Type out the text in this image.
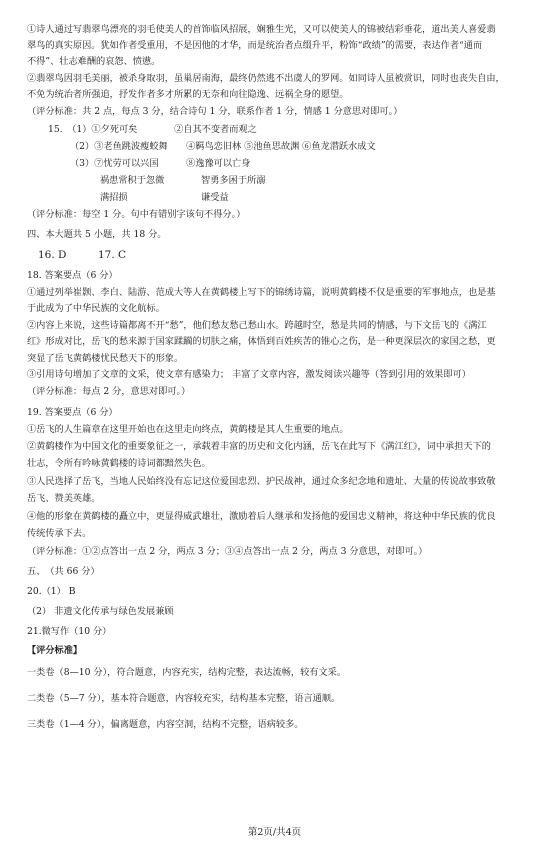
①诗人通过写翡翠鸟漂亮的羽毛使美人的首饰临风招展，娴雅生光，又可以使美人的锦被结彩垂花，道出美人喜爱翡
翠鸟的真实原因。犹如作者受重用，不是因他的才华，而是统治者点缀升平，粉饰“政绩”的需要，表达作者“通而
不得”、壮志难酬的哀怨、愤懑。
②翡翠鸟因羽毛美丽，被杀身取羽，虽巢居南海，最终仍然逃不出虞人的罗网。如同诗人虽被赏识，同时也丧失自由，
不免为统治者所强追，抒发作者多才所累的无奈和向往隐逸、远祸全身的愿望。
（评分标准：共 2 点，每点 3 分，结合诗句 1 分，联系作者 1 分，情感 1 分意思对即可。）
15.　（1）①夕死可矣　　　　②自其不变者而观之
（2）③老鱼跳波瘦蛟舞　　④羁鸟恋旧林 ⑤池鱼思故渊 ⑥鱼龙潜跃水成文
（3）⑦忧劳可以兴国　　　⑧逸豫可以亡身
祸患常积于忽微　　　　智勇多困于所溺
满招损　　　　　　　　谦受益
（评分标准：每空 1 分。句中有错别字该句不得分。）
四、本大题共 5 小题，共 18 分。
16. D　　　17. C
18. 答案要点（6 分）
①通过列举崔颢、李白、陆游、范成大等人在黄鹤楼上写下的锦绣诗篇，说明黄鹤楼不仅是重要的军事地点，也是基
于此成为了中华民族的文化航标。
②内容上来说，这些诗篇都离不开“愁”，他们愁友愁己愁山水。跨越时空，愁是共同的情感，与下文岳飞的《满江
红》形成对比，岳飞的愁来源于国家蹂躏的切肤之痛，体悟到百姓疾苦的锥心之伤，是一种更深层次的家国之愁，更
突显了岳飞黄鹤楼忧民愁天下的形象。
③引用诗句增加了文章的文采，使文章有感染力； 丰富了文章内容，激发阅读兴趣等（答到引用的效果即可）
（评分标准：每点 2 分，意思对即可。）
19. 答案要点（6 分）
①岳飞的人生篇章在这里开始也在这里走向终点，黄鹤楼是其人生重要的地点。
②黄鹤楼作为中国文化的重要象征之一，承载着丰富的历史和文化内涵，岳飞在此写下《满江红》，词中承担天下的
壮志，令所有吟咏黄鹤楼的诗词都黯然失色。
③人民选择了岳飞，当地人民始终没有忘记这位爱国忠烈、护民战神，通过众多纪念地和遗址、大量的传说故事致敬
岳飞、赞美英雄。
④他的形象在黄鹤楼的矗立中，更显得威武雄壮，激励着后人继承和发扬他的爱国忠义精神，将这种中华民族的优良
传统传承下去。
（评分标准：①②点答出一点 2 分，两点 3 分；③④点答出一点 2 分，两点 3 分意思，对即可。）
五、　（共 66 分）
20.（1） B
（2） 非遗文化传承与绿色发展兼顾
21.微写作（10 分）
【评分标准】
一类卷（8—10 分），符合题意，内容充实，结构完整，表达流畅，较有文采。
二类卷（5—7 分），基本符合题意，内容较充实，结构基本完整，语言通顺。
三类卷（1—4 分），偏离题意，内容空洞，结构不完整，语病较多。
第2页/共4页
